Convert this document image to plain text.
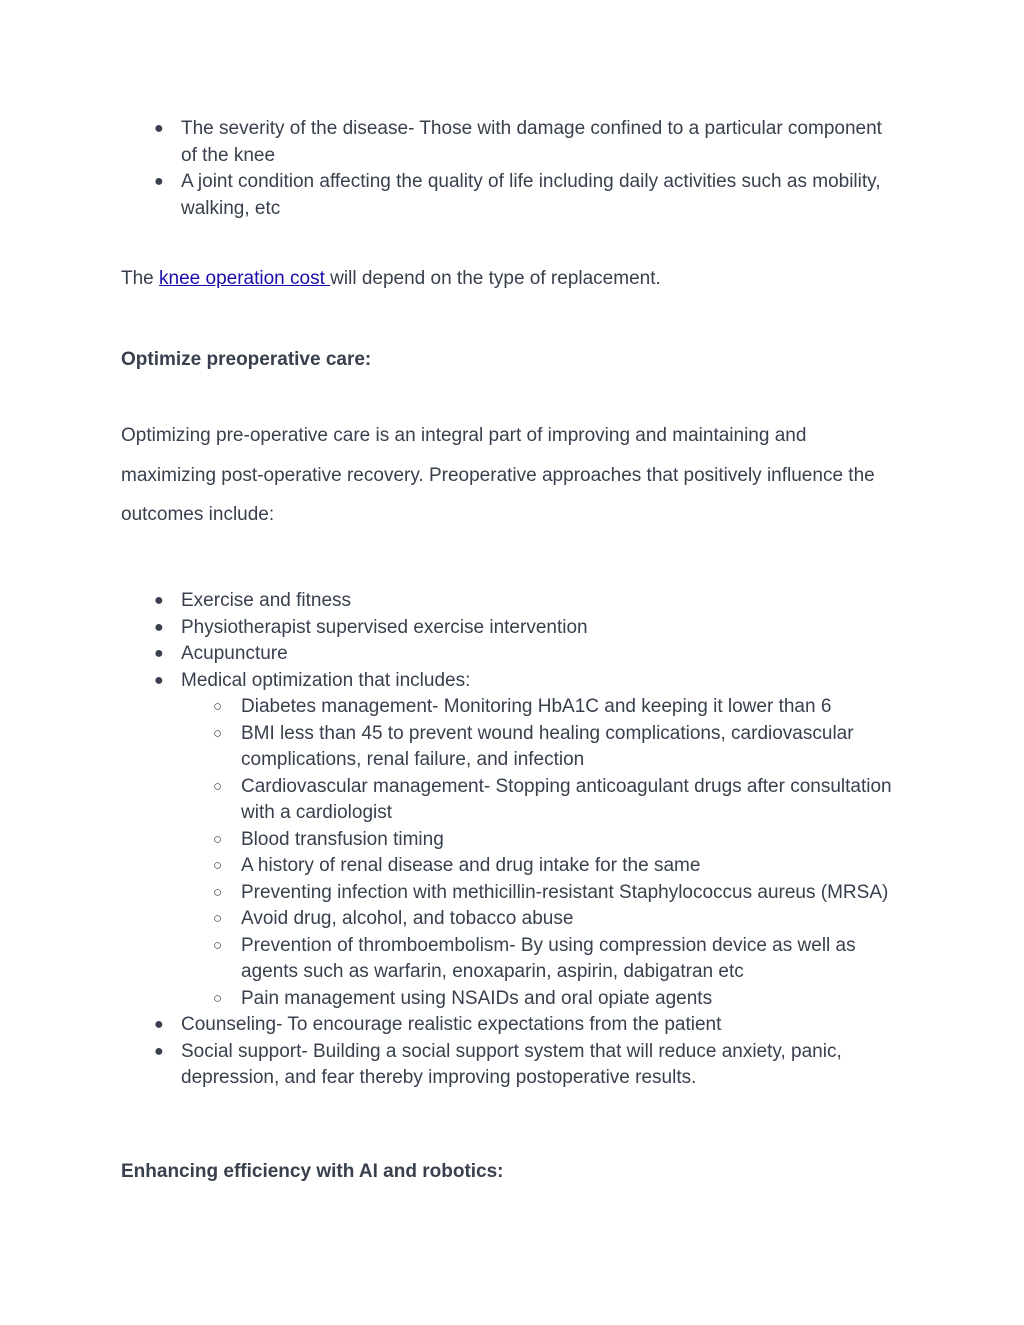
● The severity of the disease- Those with damage confined to a particular component of the knee
● A joint condition affecting the quality of life including daily activities such as mobility, walking, etc
The knee operation cost will depend on the type of replacement.
Optimize preoperative care:
Optimizing pre-operative care is an integral part of improving and maintaining and maximizing post-operative recovery. Preoperative approaches that positively influence the outcomes include:
● Exercise and fitness
● Physiotherapist supervised exercise intervention
● Acupuncture
● Medical optimization that includes:
○ Diabetes management- Monitoring HbA1C and keeping it lower than 6
○ BMI less than 45 to prevent wound healing complications, cardiovascular complications, renal failure, and infection
○ Cardiovascular management- Stopping anticoagulant drugs after consultation with a cardiologist
○ Blood transfusion timing
○ A history of renal disease and drug intake for the same
○ Preventing infection with methicillin-resistant Staphylococcus aureus (MRSA)
○ Avoid drug, alcohol, and tobacco abuse
○ Prevention of thromboembolism- By using compression device as well as agents such as warfarin, enoxaparin, aspirin, dabigatran etc
○ Pain management using NSAIDs and oral opiate agents
● Counseling- To encourage realistic expectations from the patient
● Social support- Building a social support system that will reduce anxiety, panic, depression, and fear thereby improving postoperative results.
Enhancing efficiency with AI and robotics:
